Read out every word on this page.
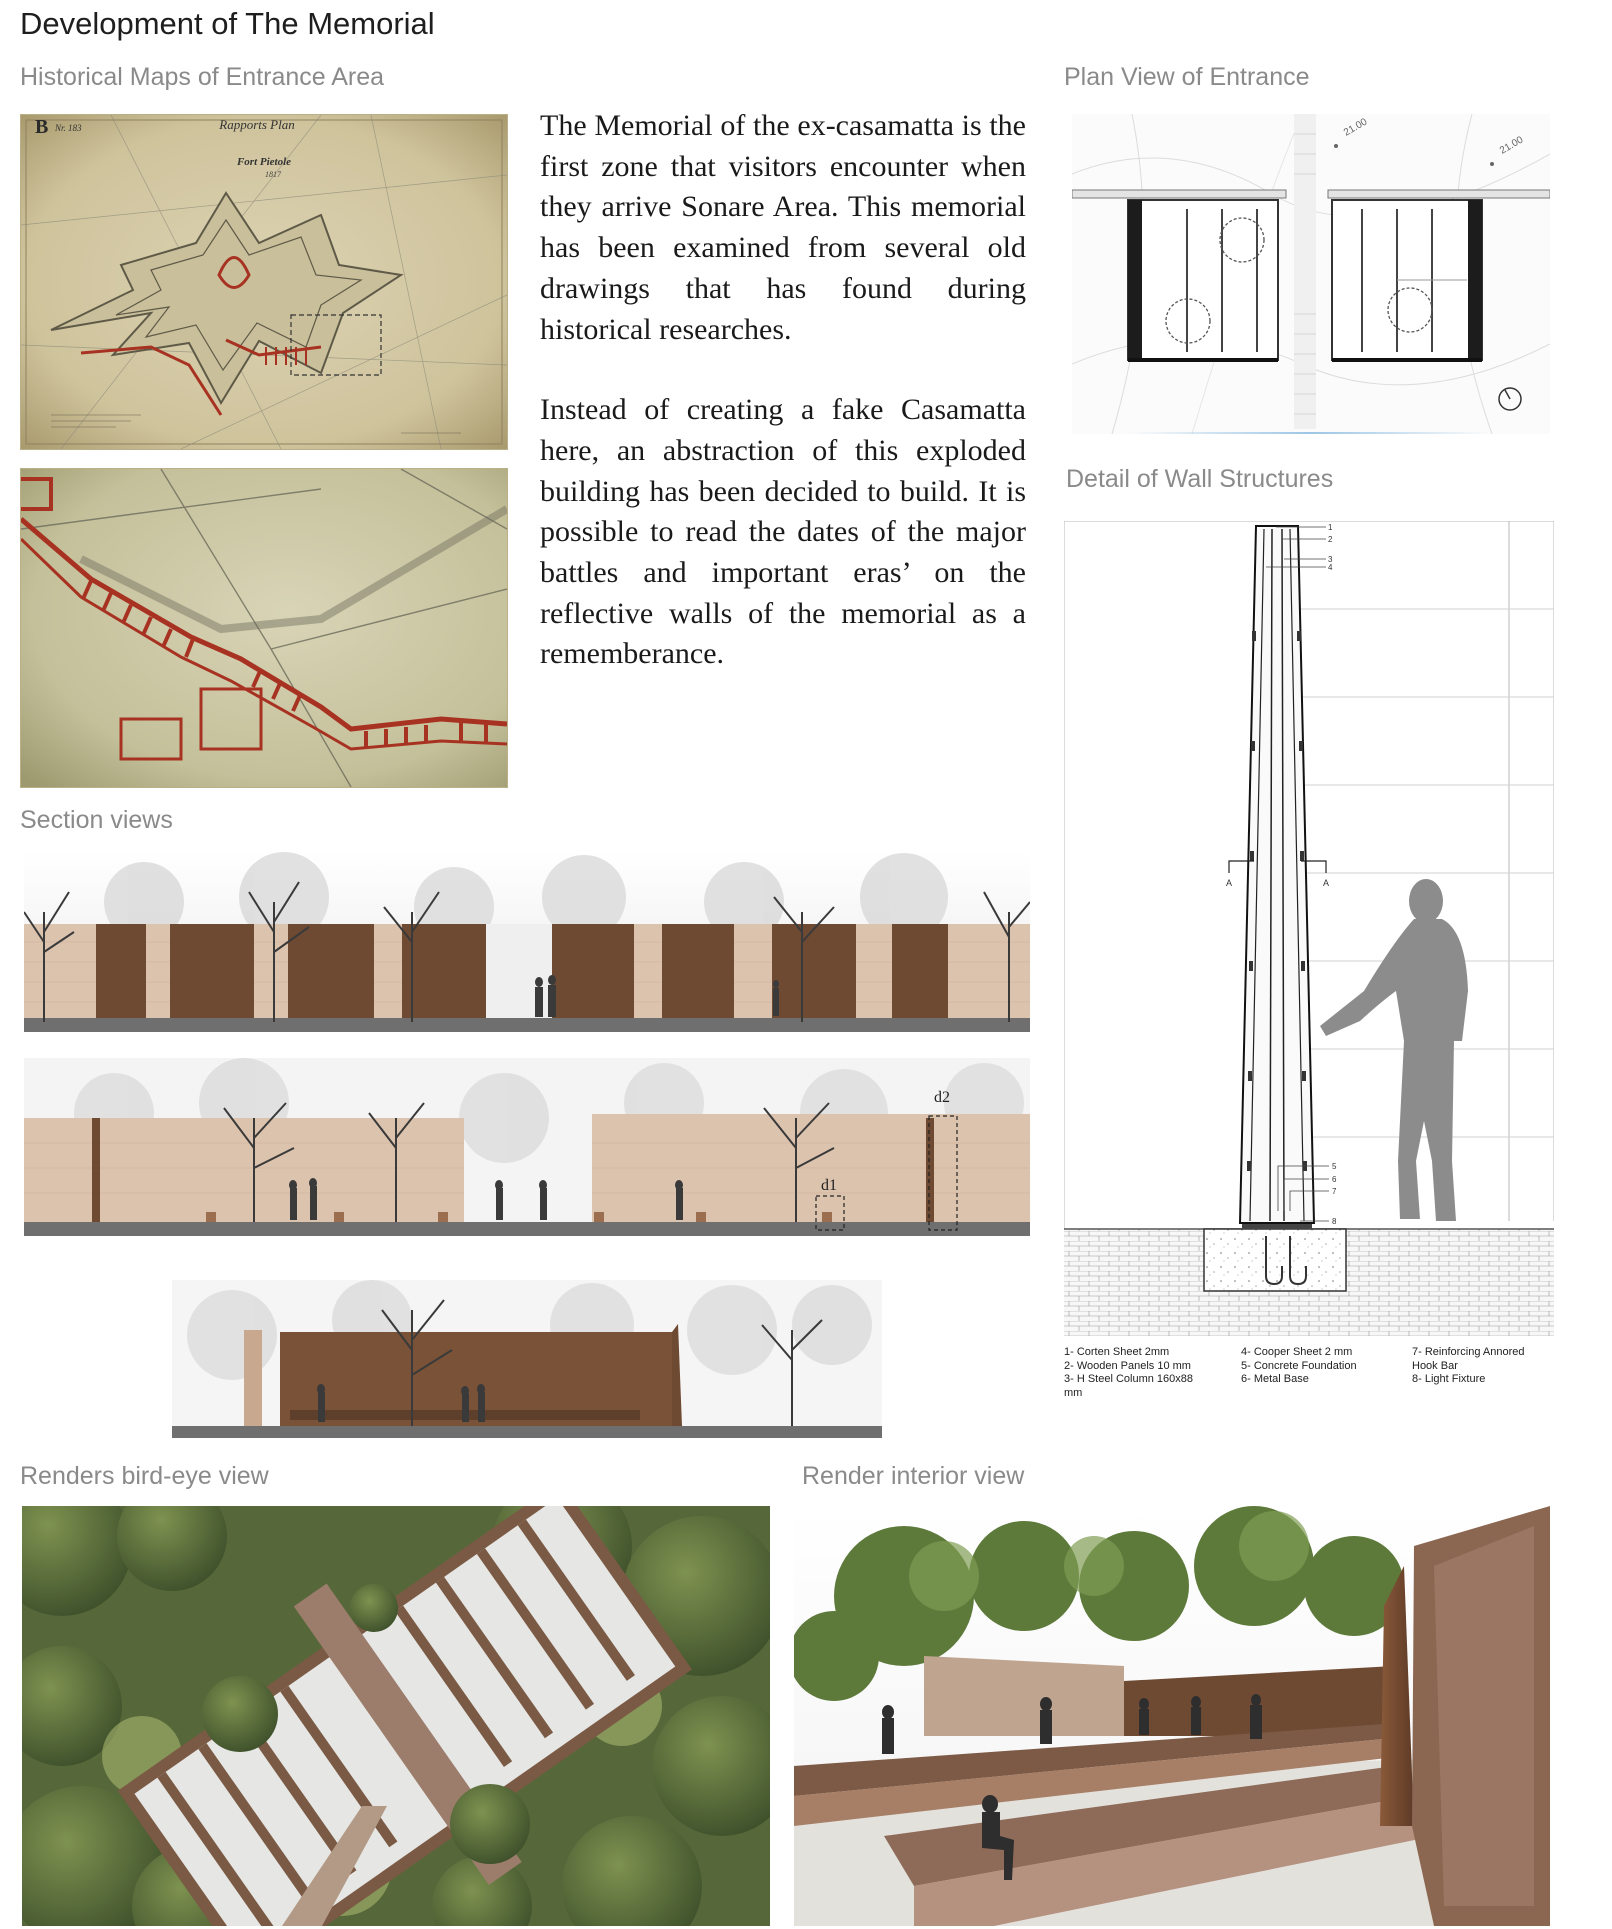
Development of The Memorial
Historical Maps of Entrance Area	Plan View of Entrance
Detail of Wall Structures
Section views
Renders bird-eye view	Render interior view

The Memorial of the ex-casamatta is the first zone that visitors encounter when they arrive Sonare Area. This memorial has been examined from several old drawings that has found during historical researches.

Instead of creating a fake Casamatta here, an abstraction of this exploded building has been decided to build. It is possible to read the dates of the major battles and important eras’ on the reflective walls of the memorial as a rememberance.

B Nr. 183	Rapports Plan
Fort Pietole
1817
21.00
21.00
A	A
1
2
3
4
5
6
7
8
1- Corten Sheet 2mm
2- Wooden Panels 10 mm
3- H Steel Column 160x88
mm
4- Cooper Sheet 2 mm
5- Concrete Foundation
6- Metal Base
7- Reinforcing Annored
Hook Bar
8- Light Fixture
d1
d2
